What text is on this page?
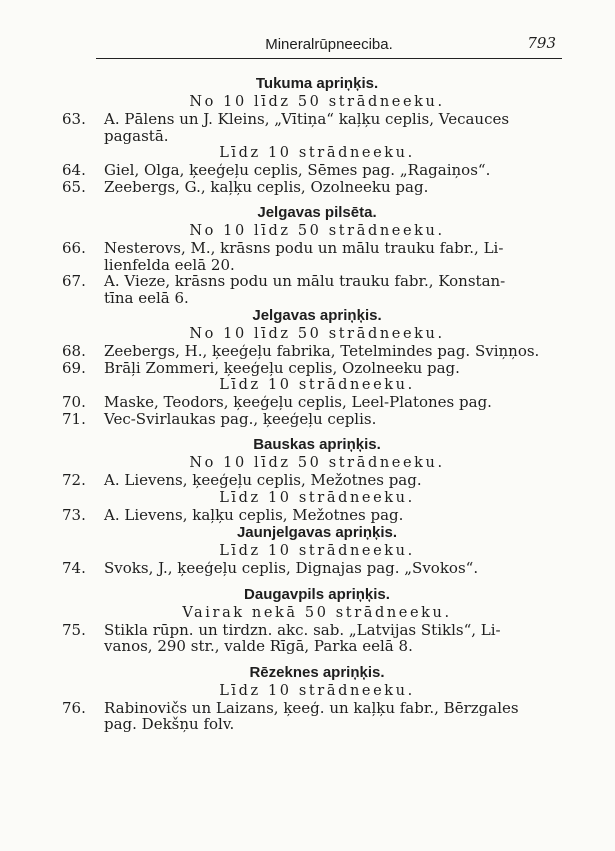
Mineralrūpneeciba.	793

Tukuma apriņķis.

No 10 līdz 50 strādneeku.

63.	A. Pālens un J. Kleins, „Vītiņa“ kaļķu ceplis, Vecauces
pagastā.

Līdz 10 strādneeku.

64.	Giel, Olga, ķeeģeļu ceplis, Sēmes pag. „Ragaiņos“.
65.	Zeebergs, G., kaļķu ceplis, Ozolneeku pag.

Jelgavas pilsēta.

No 10 līdz 50 strādneeku.

66.	Nesterovs, M., krāsns podu un mālu trauku fabr., Li-
lienfelda eelā 20.
67.	A. Vieze, krāsns podu un mālu trauku fabr., Konstan-
tīna eelā 6.

Jelgavas apriņķis.

No 10 līdz 50 strādneeku.

68.	Zeebergs, H., ķeeģeļu fabrika, Tetelmindes pag. Sviņņos.
69.	Brāļi Zommeri, ķeeģeļu ceplis, Ozolneeku pag.

Līdz 10 strādneeku.

70.	Maske, Teodors, ķeeģeļu ceplis, Leel-Platones pag.
71.	Vec-Svirlaukas pag., ķeeģeļu ceplis.

Bauskas apriņķis.

No 10 līdz 50 strādneeku.

72.	A. Lievens, ķeeģeļu ceplis, Mežotnes pag.

Līdz 10 strādneeku.

73.	A. Lievens, kaļķu ceplis, Mežotnes pag.

Jaunjelgavas apriņķis.

Līdz 10 strādneeku.

74.	Svoks, J., ķeeģeļu ceplis, Dignajas pag. „Svokos“.

Daugavpils apriņķis.

Vairak nekā 50 strādneeku.

75.	Stikla rūpn. un tirdzn. akc. sab. „Latvijas Stikls“, Li-
vanos, 290 str., valde Rīgā, Parka eelā 8.

Rēzeknes apriņķis.

Līdz 10 strādneeku.

76.	Rabinovičs un Laizans, ķeeģ. un kaļķu fabr., Bērzgales
pag. Dekšņu folv.
